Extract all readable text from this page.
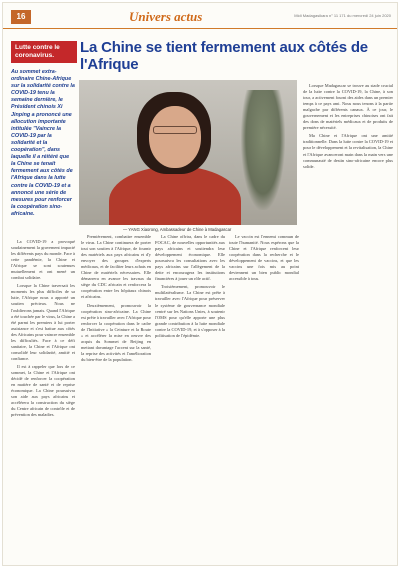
16	Univers actus	Midi Madagasikara n° 11 171 du mercredi 24 juin 2020
Lutte contre le coronavirus.	La Chine se tient fermement aux côtés de l'Afrique
Au sommet extra-ordinaire Chine-Afrique sur la solidarité contre la COVID-19 tenu la semaine dernière, le Président chinois Xi Jinping a prononcé une allocution importante intitulée "Vaincre la COVID-19 par la solidarité et la coopération", dans laquelle il a réitéré que la Chine se tenait fermement aux côtés de l'Afrique dans la lutte contre la COVID-19 et a annoncé une série de mesures pour renforcer la coopération sino-africaine.
— YANG Xiaorong, Ambassadeur de Chine à Madagascar

La COVID-19 a provoqué soudainement la gravement impacté les différents pays du monde. Face à cette pandémie, la Chine et l'Afrique se sont soutenues mutuellement et ont mené un combat solidaire.

Lorsque la Chine traversait les moments les plus difficiles de sa lutte, l'Afrique nous a apporté un soutien précieux. Nous ne l'oublierons jamais. Quand l'Afrique a été touchée par le virus, la Chine a été parmi les premiers à lui porter assistance et s'est battue aux côtés des Africains pour vaincre ensemble les difficultés. Face à ce défi sanitaire, la Chine et l'Afrique ont consolidé leur solidarité, amitié et confiance.

Il est à rappeler que lors de ce sommet, la Chine et l'Afrique ont décidé de renforcer la coopération en matière de santé et de reprise économique. La Chine poursuivra son aide aux pays africains et accélérera la construction du siège du Centre africain de contrôle et de prévention des maladies.

Premièrement, combattre ensemble le virus. La Chine continuera de porter tout son soutien à l'Afrique, de fournir des matériels aux pays africains et d'y envoyer des groupes d'experts médicaux, et de faciliter leurs achats en Chine de matériels nécessaires. Elle démarrera en avance les travaux du siège du CDC africain et renforcera la coopération entre les hôpitaux chinois et africains.

Deuxièmement, promouvoir la coopération sino-africaine. La Chine est prête à travailler avec l'Afrique pour renforcer la coopération dans le cadre de l'Initiative « la Ceinture et la Route » et accélérer la mise en oeuvre des acquis du Sommet de Beijing en mettant davantage l'accent sur la santé, la reprise des activités et l'amélioration du bien-être de la population.

La Chine offrira, dans le cadre du FOCAC, de nouvelles opportunités aux pays africains et soutiendra leur développement économique. Elle poursuivra les consultations avec les pays africains sur l'allègement de la dette et encouragera les institutions financières à jouer un rôle actif.

Troisièmement, promouvoir le multilatéralisme. La Chine est prête à travailler avec l'Afrique pour préserver le système de gouvernance mondiale centré sur les Nations Unies, à soutenir l'OMS pour qu'elle apporte une plus grande contribution à la lutte mondiale contre la COVID-19, et à s'opposer à la politisation de l'épidémie.

Le vaccin est l'ennemi commun de toute l'humanité. Nous espérons que la Chine et l'Afrique renforcent leur coopération dans la recherche et le développement de vaccins, et que les vaccins une fois mis au point deviennent un bien public mondial accessible à tous.

Lorsque Madagascar se trouve au stade crucial de la lutte contre la COVID-19, la Chine, à son tour, a activement fourni des aides dans un premier temps à ce pays ami. Nous nous tenons à la partie malgache par différents canaux. À ce jour, le gouvernement et les entreprises chinoises ont fait des dons de matériels médicaux et de produits de première nécessité.

Ma Chine et l'Afrique ont une amitié traditionnelle. Dans la lutte contre la COVID-19 et pour le développement et la revitalisation, la Chine et l'Afrique avanceront main dans la main vers une communauté de destin sino-africaine encore plus solide.
